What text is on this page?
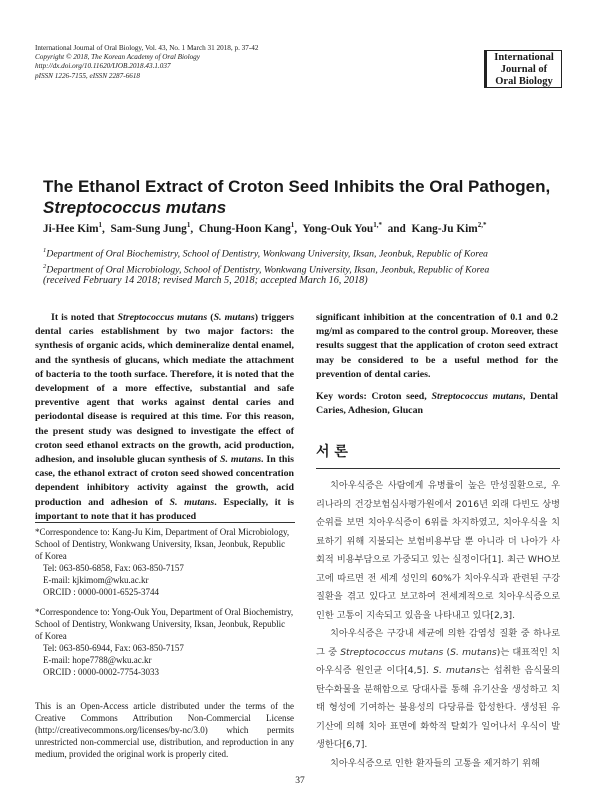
International Journal of Oral Biology, Vol. 43, No. 1 March 31 2018, p. 37-42
Copyright © 2018, The Korean Academy of Oral Biology
http://dx.doi.org/10.11620/IJOB.2018.43.1.037
pISSN 1226-7155, eISSN 2287-6618
International
Journal of
Oral Biology
The Ethanol Extract of Croton Seed Inhibits the Oral Pathogen,
Streptococcus mutans
Ji-Hee Kim$^1$,  Sam-Sung Jung$^1$,  Chung-Hoon Kang$^1$,  Yong-Ouk You$^{1,*}$ and Kang-Ju Kim$^{2,*}$
$^1$Department of Oral Biochemistry, School of Dentistry, Wonkwang University, Iksan, Jeonbuk, Republic of Korea
$^2$Department of Oral Microbiology, School of Dentistry, Wonkwang University, Iksan, Jeonbuk, Republic of Korea
(received February 14 2018; revised March 5, 2018; accepted March 16, 2018)
It is noted that Streptococcus mutans (S. mutans) triggers dental caries establishment by two major factors: the synthesis of organic acids, which demineralize dental enamel, and the synthesis of glucans, which mediate the attachment of bacteria to the tooth surface. Therefore, it is noted that the development of a more effective, substantial and safe preventive agent that works against dental caries and periodontal disease is required at this time. For this reason, the present study was designed to investigate the effect of croton seed ethanol extracts on the growth, acid production, adhesion, and insoluble glucan synthesis of S. mutans. In this case, the ethanol extract of croton seed showed concentration dependent inhibitory activity against the growth, acid production and adhesion of S. mutans. Especially, it is important to note that it has produced
significant inhibition at the concentration of 0.1 and 0.2 mg/ml as compared to the control group. Moreover, these results suggest that the application of croton seed extract may be considered to be a useful method for the prevention of dental caries.
Key words: Croton seed, Streptococcus mutans, Dental Caries, Adhesion, Glucan
*Correspondence to: Kang-Ju Kim, Department of Oral Microbiology, School of Dentistry, Wonkwang University, Iksan, Jeonbuk, Republic of Korea
Tel: 063-850-6858, Fax: 063-850-7157
E-mail: kjkimom@wku.ac.kr
ORCID : 0000-0001-6525-3744
*Correspondence to: Yong-Ouk You, Department of Oral Biochemistry, School of Dentistry, Wonkwang University, Iksan, Jeonbuk, Republic of Korea
Tel: 063-850-6944, Fax: 063-850-7157
E-mail: hope7788@wku.ac.kr
ORCID : 0000-0002-7754-3033
This is an Open-Access article distributed under the terms of the Creative Commons Attribution Non-Commercial License (http://creativecommons.org/licenses/by-nc/3.0) which permits unrestricted non-commercial use, distribution, and reproduction in any medium, provided the original work is properly cited.
서 론

치아우식증은 사람에게 유병률이 높은 만성질환으로, 우리나라의 건강보험심사평가원에서 2016년 외래 다빈도 상병 순위를 보면 치아우식증이 6위를 차지하였고, 치아우식을 치료하기 위해 지불되는 보험비용부담 뿐 아니라 더 나아가 사회적 비용부담으로 가중되고 있는 실정이다[1]. 최근 WHO보고에 따르면 전 세계 성인의 60%가 치아우식과 관련된 구강질환을 겪고 있다고 보고하여 전세계적으로 치아우식증으로 인한 고통이 지속되고 있음을 나타내고 있다[2,3].

치아우식증은 구강내 세균에 의한 감염성 질환 중 하나로 그 중 Streptococcus mutans (S. mutans)는 대표적인 치아우식증 원인균 이다[4,5]. S. mutans는 섭취한 음식물의 탄수화물을 분해함으로 당대사를 통해 유기산을 생성하고 치태 형성에 기여하는 불용성의 다당류를 합성한다. 생성된 유기산에 의해 치아 표면에 화학적 탈회가 일어나서 우식이 발생한다[6,7].

치아우식증으로 인한 환자들의 고통을 제거하기 위해

37
